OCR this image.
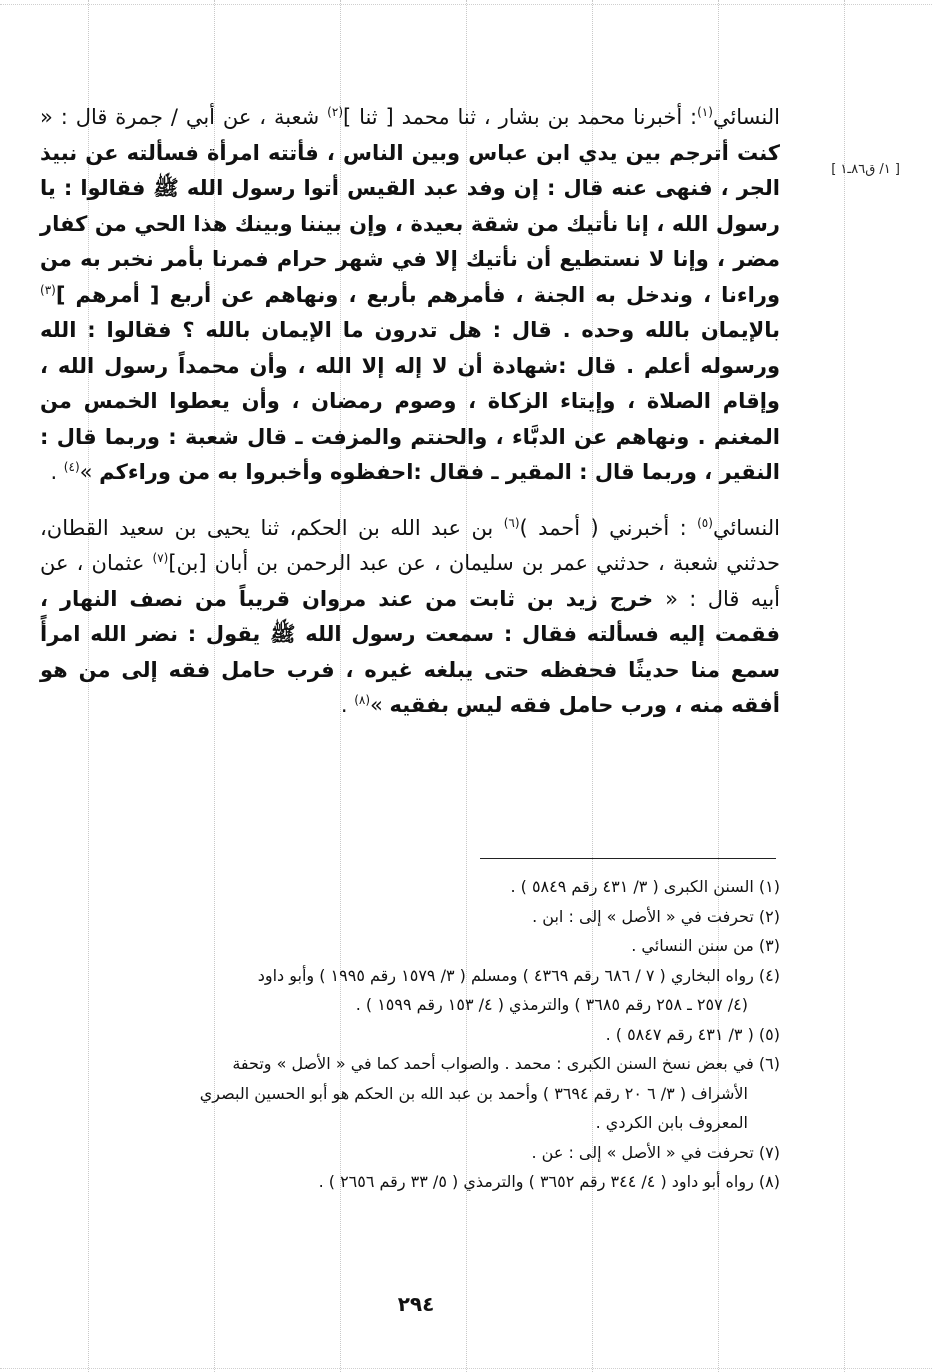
[ ١/ ق٨٦ـ١ ]

النسائي$^{(١)}$: أخبرنا محمد بن بشار ، ثنا محمد [ ثنا ]$^{(٢)}$ شعبة ، عن أبي / جمرة قال : « كنت أترجم بين يدي ابن عباس وبين الناس ، فأتته امرأة فسألته عن نبيذ الجر ، فنهى عنه قال : إن وفد عبد القيس أتوا رسول الله ﷺ فقالوا : يا رسول الله ، إنا نأتيك من شقة بعيدة ، وإن بيننا وبينك هذا الحي من كفار مضر ، وإنا لا نستطيع أن نأتيك إلا في شهر حرام فمرنا بأمر نخبر به من وراءنا ، وندخل به الجنة ، فأمرهم بأربع ، ونهاهم عن أربع [ أمرهم ]$^{(٣)}$ بالإيمان بالله وحده . قال : هل تدرون ما الإيمان بالله ؟ فقالوا : الله ورسوله أعلم . قال :شهادة أن لا إله إلا الله ، وأن محمداً رسول الله ، وإقام الصلاة ، وإيتاء الزكاة ، وصوم رمضان ، وأن يعطوا الخمس من المغنم . ونهاهم عن الدبَّاء ، والحنتم والمزفت ـ قال شعبة : وربما قال : النقير ، وربما قال : المقير ـ فقال :احفظوه وأخبروا به من وراءكم »$^{(٤)}$ .

النسائي$^{(٥)}$ : أخبرني ( أحمد )$^{(٦)}$ بن عبد الله بن الحكم، ثنا يحيى بن سعيد القطان، حدثني شعبة ، حدثني عمر بن سليمان ، عن عبد الرحمن بن أبان [بن]$^{(٧)}$ عثمان ، عن أبيه قال : « خرج زيد بن ثابت من عند مروان قريباً من نصف النهار ، فقمت إليه فسألته فقال : سمعت رسول الله ﷺ يقول : نضر الله امرأً سمع منا حديثًا فحفظه حتى يبلغه غيره ، فرب حامل فقه إلى من هو أفقه منه ، ورب حامل فقه ليس بفقيه »$^{(٨)}$ .

(١) السنن الكبرى ( ٣/ ٤٣١ رقم ٥٨٤٩ ) .

(٢) تحرفت في « الأصل » إلى : ابن .

(٣) من سنن النسائي .

(٤) رواه البخاري ( ٧ / ٦٨٦ رقم ٤٣٦٩ ) ومسلم ( ٣/ ١٥٧٩ رقم ١٩٩٥ ) وأبو داود

(٤/ ٢٥٧ ـ ٢٥٨ رقم ٣٦٨٥ ) والترمذي ( ٤/ ١٥٣ رقم ١٥٩٩ ) .

(٥) ( ٣/ ٤٣١ رقم ٥٨٤٧ ) .

(٦) في بعض نسخ السنن الكبرى : محمد . والصواب أحمد كما في « الأصل » وتحفة

الأشراف ( ٣/ ٦ ٢٠ رقم ٣٦٩٤ ) وأحمد بن عبد الله بن الحكم هو أبو الحسين البصري

المعروف بابن الكردي .

(٧) تحرفت في « الأصل » إلى : عن .

(٨) رواه أبو داود ( ٤/ ٣٤٤ رقم ٣٦٥٢ ) والترمذي ( ٥/ ٣٣ رقم ٢٦٥٦ ) .

٢٩٤
